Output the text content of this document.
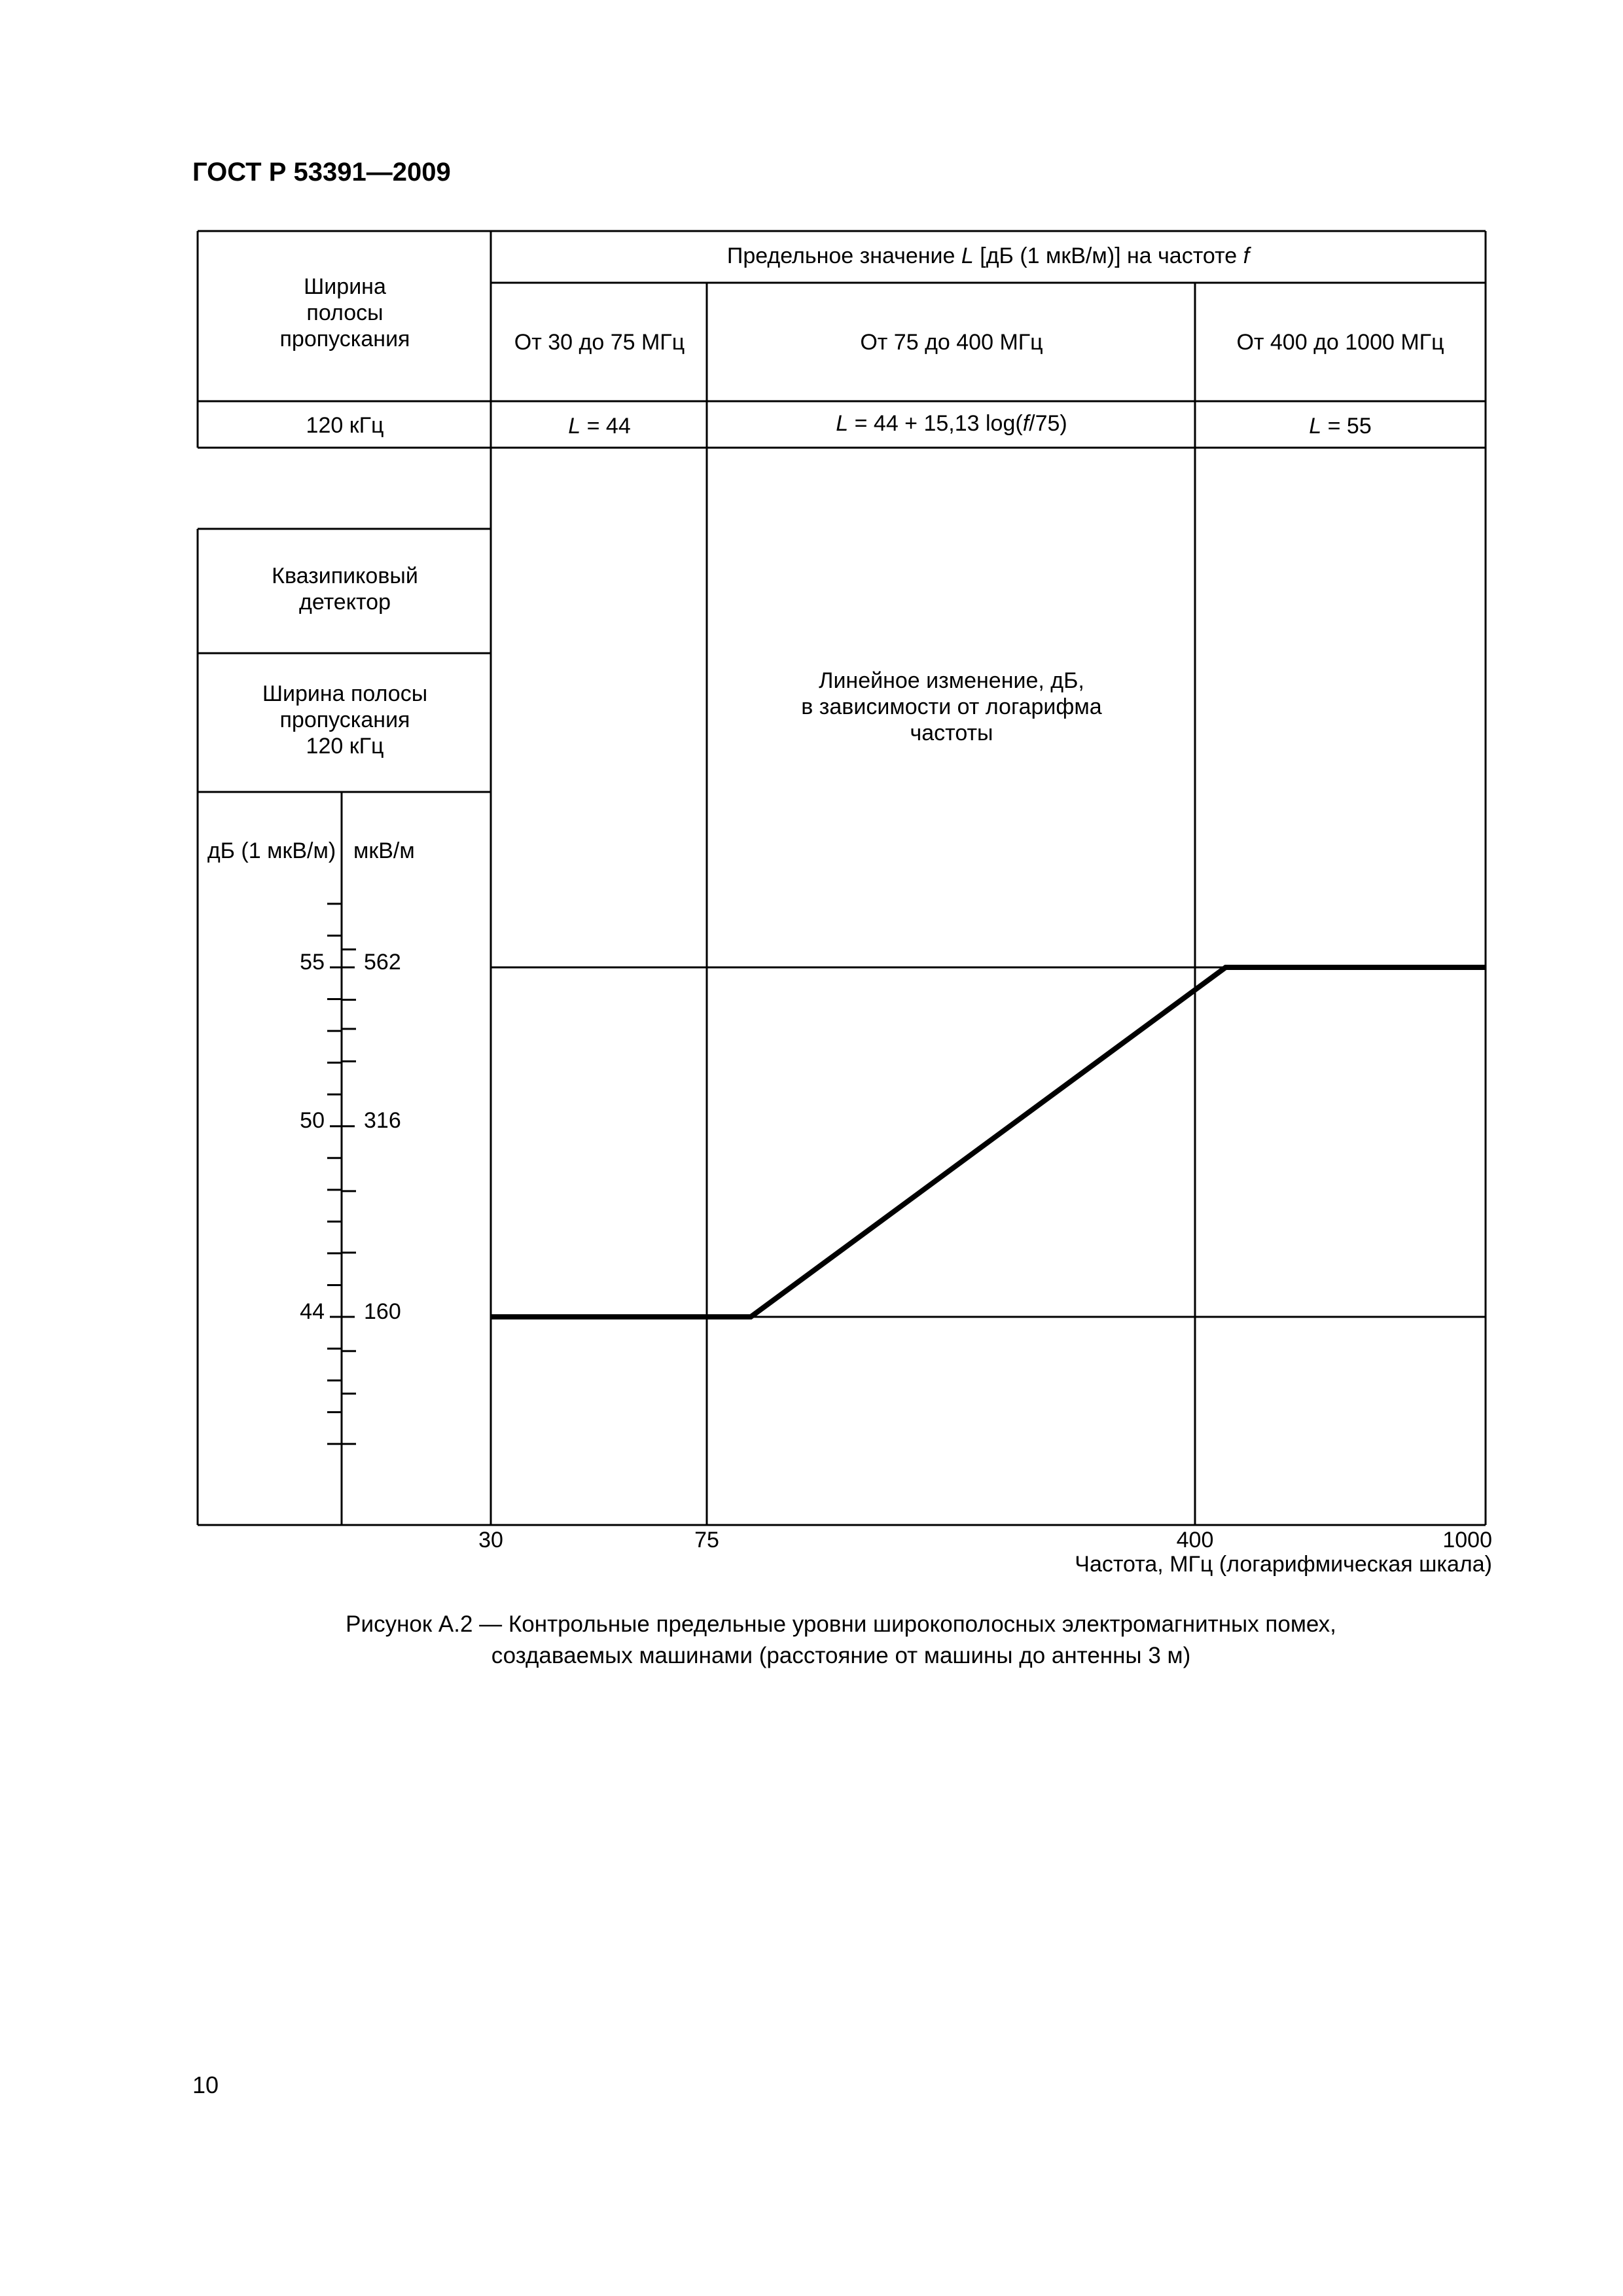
ГОСТ Р 53391—2009
Ширина
полосы
пропускания
Предельное значение L [дБ (1 мкВ/м)] на частоте f
От 30 до 75 МГц	От 75 до 400 МГц	От 400 до 1000 МГц
120 кГц	L = 44	L = 44 + 15,13 log(f/75)	L = 55
Квазипиковый
детектор
Ширина полосы
пропускания
120 кГц
дБ (1 мкВ/м) мкВ/м
55 562
50 316
44 160
Линейное изменение, дБ,
в зависимости от логарифма
частоты
30	75	400	1000
Частота, МГц (логарифмическая шкала)
Рисунок А.2 — Контрольные предельные уровни широкополосных электромагнитных помех,
создаваемых машинами (расстояние от машины до антенны 3 м)
10
